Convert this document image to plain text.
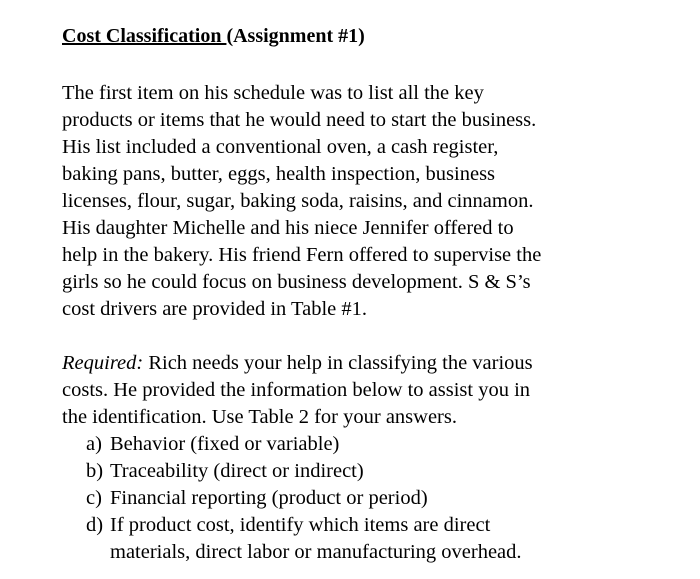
Cost Classification (Assignment #1)

The first item on his schedule was to list all the key
products or items that he would need to start the business.
His list included a conventional oven, a cash register,
baking pans, butter, eggs, health inspection, business
licenses, flour, sugar, baking soda, raisins, and cinnamon.
His daughter Michelle and his niece Jennifer offered to
help in the bakery. His friend Fern offered to supervise the
girls so he could focus on business development. S & S’s
cost drivers are provided in Table #1.

Required: Rich needs your help in classifying the various
costs. He provided the information below to assist you in
the identification. Use Table 2 for your answers.

a) Behavior (fixed or variable)
b) Traceability (direct or indirect)
c) Financial reporting (product or period)
d) If product cost, identify which items are direct
materials, direct labor or manufacturing overhead.
